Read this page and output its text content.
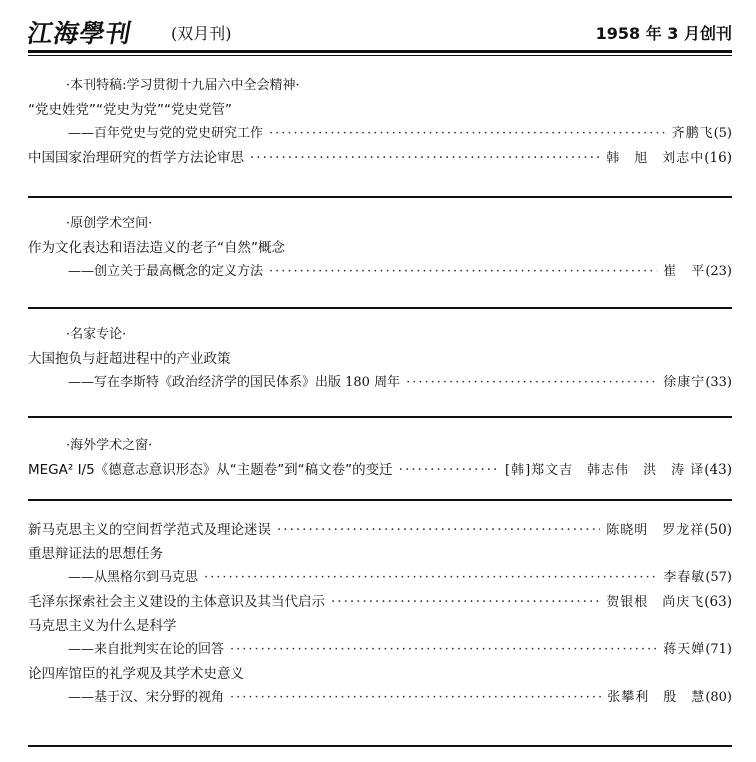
江海學刊 (双月刊)	1958 年 3 月创刊
·本刊特稿:学习贯彻十九届六中全会精神·
“党史姓党”“党史为党”“党史党管”
——百年党史与党的党史研究工作 ·····	齐鹏飞 (5)
中国国家治理研究的哲学方法论审思 ·····	韩　旭　刘志中 (16)
·原创学术空间·
作为文化表达和语法造义的老子“自然”概念
——创立关于最高概念的定义方法 ·····	崔　平 (23)
·名家专论·
大国抱负与赶超进程中的产业政策
——写在李斯特《政治经济学的国民体系》出版 180 周年 ·····	徐康宁 (33)
·海外学术之窗·
MEGA² Ⅰ/5《德意志意识形态》从“主题卷”到“稿文卷”的变迁 ·····	[韩]郑文吉　韩志伟　洪　涛 译 (43)
新马克思主义的空间哲学范式及理论迷误 ·····	陈晓明　罗龙祥 (50)
重思辩证法的思想任务
——从黑格尔到马克思 ·····	李春敏 (57)
毛泽东探索社会主义建设的主体意识及其当代启示 ·····	贺银根　尚庆飞 (63)
马克思主义为什么是科学
——来自批判实在论的回答 ·····	蒋天婵 (71)
论四库馆臣的礼学观及其学术史意义
——基于汉、宋分野的视角 ·····	张攀利　殷　慧 (80)
